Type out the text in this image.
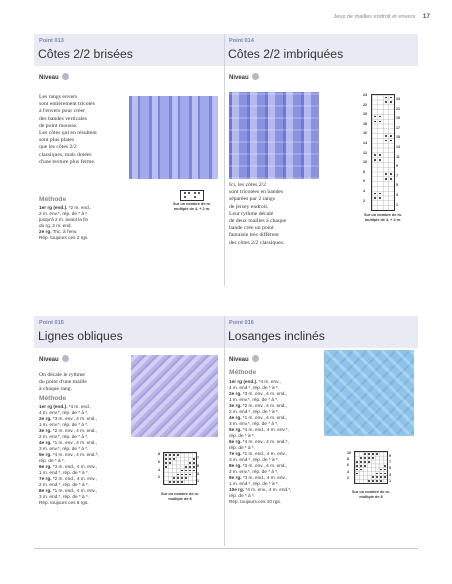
Jeux de mailles endroit et envers 17
Point 013
Côtes 2/2 brisées
Niveau
Les rangs envers
sont entièrement tricotés
à l'envers pour créer
des bandes verticales
de point mousse.
Les côtes qui en résultent
sont plus plates
que les côtes 2/2
classiques, mais dotées
d'une texture plus ferme.
Méthode
1er rg (end.). *2 m. end.,
2 m. env.*, rép. de * à *
jusqu'à 2 m. avant la fin
du rg, 2 m. end.
2e rg. Tric. à l'env.
Rép. toujours ces 2 rgs.
Sur un nombre de m.
multiple de 4, + 2 m.
Point 014
Côtes 2/2 imbriquées
Niveau
Ici, les côtes 2/2
sont tricotées en bandes
séparées par 2 rangs
de jersey endroit.
Leur rythme décalé
de deux mailles à chaque
bande crée un point
fantaisie très différent
des côtes 2/2 classiques.
24
22
20
18
16
14
12
10
8
6
4
2
23
21
19
17
15
13
11
9
7
5
3
1
Sur un nombre de m.
multiple de 4, + 2 m.
Point 015
Lignes obliques
Niveau
On décale le rythme
du point d'une maille
à chaque rang.
Méthode
1er rg (end.). *4 m. end.,
4 m. env.*, rép. de * à *.
2e rg. *3 m. env., 4 m. end.,
1 m. env.*, rép. de * à *.
3e rg. *2 m. env., 4 m. end.,
2 m. env.*, rép. de * à *.
4e rg. *1 m. env., 4 m. end.,
3 m. env.*, rép. de * à *.
5e rg. *4 m. env., 4 m. end.*,
rép. de * à *.
6e rg. *3 m. end., 4 m. env.,
1 m. end.*, rép. de * à *.
7e rg. *2 m. end., 4 m. env.,
2 m. end.*, rép. de * à *.
8e rg. *1 m. end., 4 m. env.,
3 m. end.*, rép. de * à *.
Rép. toujours ces 8 rgs.
8
6
4
2
7
5
3
1
Sur un nombre de m.
multiple de 8
Point 016
Losanges inclinés
Niveau
Méthode
1er rg (end.). *4 m. env.,
4 m. end.*, rép. de * à *.
2e rg. *3 m. env., 4 m. end.,
1 m. env.*, rép. de * à *.
3e rg. *2 m. env., 4 m. end.,
2 m. end.*, rép. de * à *.
4e rg. *1 m. env., 4 m. end.,
3 m. env.*, rép. de * à *.
5e rg. *4 m. end., 4 m. env.*,
rép. de * à *.
6e rg. *4 m. env., 4 m. end.*,
rép. de * à *.
7e rg. *1 m. end., 4 m. env.,
3 m. end.*, rép. de * à *.
8e rg. *2 m. env., 4 m. end.,
2 m. env.*, rép. de * à *.
9e rg. *3 m. end., 4 m. env.,
1 m. end.*, rép. de * à *.
10e rg. *4 m. env., 4 m. end.*,
rép. de * à *.
Rép. toujours ces 10 rgs.
10
8
6
4
2
9
7
5
3
1
Sur un nombre de m.
multiple de 8
